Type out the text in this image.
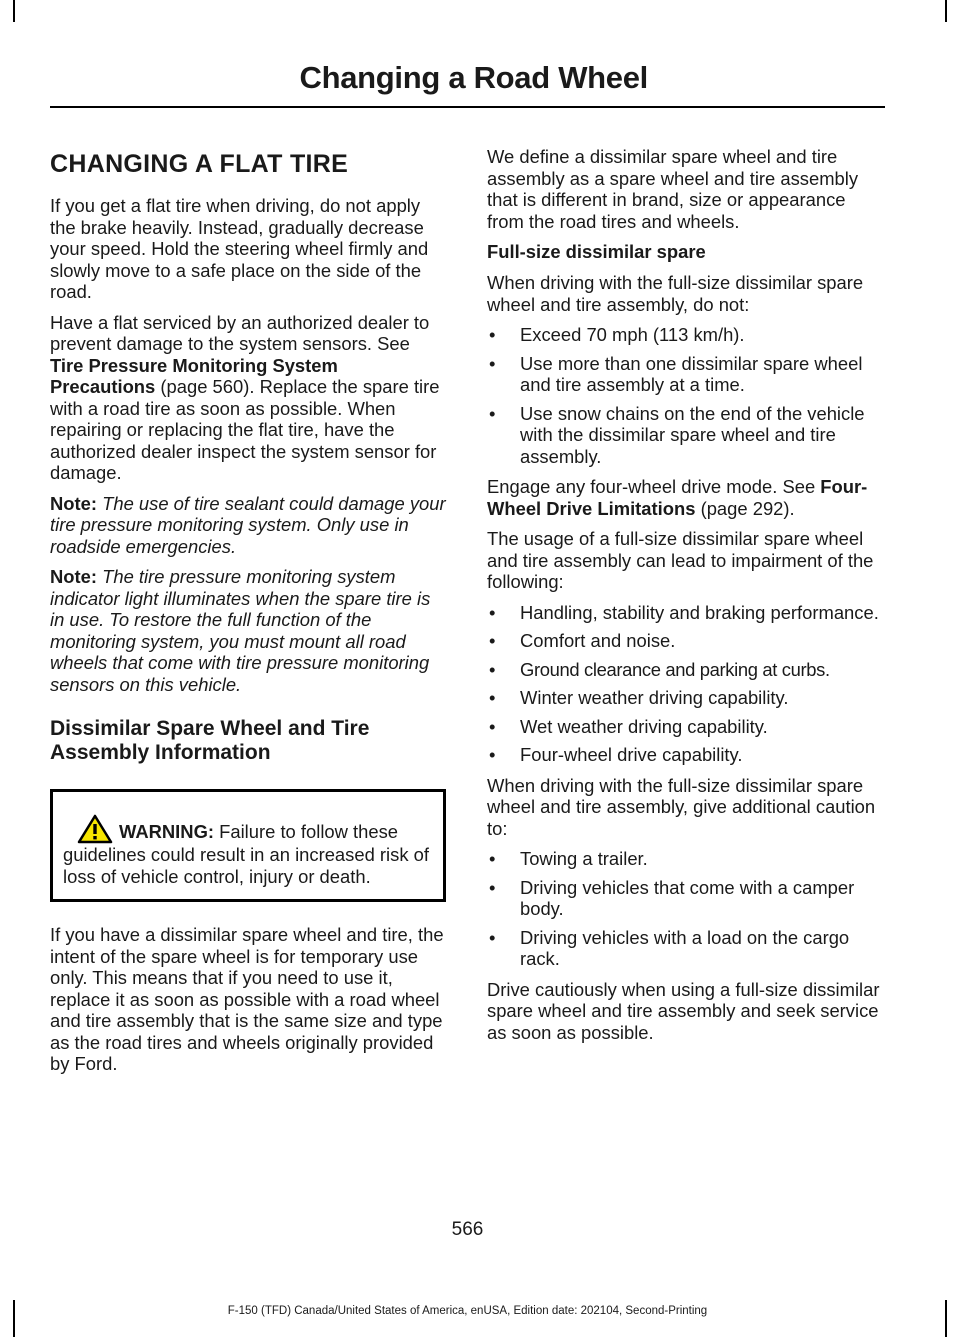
Changing a Road Wheel
CHANGING A FLAT TIRE

If you get a flat tire when driving, do not apply the brake heavily. Instead, gradually decrease your speed. Hold the steering wheel firmly and slowly move to a safe place on the side of the road.

Have a flat serviced by an authorized dealer to prevent damage to the system sensors. See Tire Pressure Monitoring System Precautions (page 560). Replace the spare tire with a road tire as soon as possible. When repairing or replacing the flat tire, have the authorized dealer inspect the system sensor for damage.

Note: The use of tire sealant could damage your tire pressure monitoring system. Only use in roadside emergencies.

Note: The tire pressure monitoring system indicator light illuminates when the spare tire is in use. To restore the full function of the monitoring system, you must mount all road wheels that come with tire pressure monitoring sensors on this vehicle.

Dissimilar Spare Wheel and Tire Assembly Information

WARNING: Failure to follow these guidelines could result in an increased risk of loss of vehicle control, injury or death.

If you have a dissimilar spare wheel and tire, the intent of the spare wheel is for temporary use only. This means that if you need to use it, replace it as soon as possible with a road wheel and tire assembly that is the same size and type as the road tires and wheels originally provided by Ford.

We define a dissimilar spare wheel and tire assembly as a spare wheel and tire assembly that is different in brand, size or appearance from the road tires and wheels.

Full-size dissimilar spare

When driving with the full-size dissimilar spare wheel and tire assembly, do not:

• Exceed 70 mph (113 km/h).
• Use more than one dissimilar spare wheel and tire assembly at a time.
• Use snow chains on the end of the vehicle with the dissimilar spare wheel and tire assembly.

Engage any four-wheel drive mode. See Four-Wheel Drive Limitations (page 292).

The usage of a full-size dissimilar spare wheel and tire assembly can lead to impairment of the following:

• Handling, stability and braking performance.
• Comfort and noise.
• Ground clearance and parking at curbs.
• Winter weather driving capability.
• Wet weather driving capability.
• Four-wheel drive capability.

When driving with the full-size dissimilar spare wheel and tire assembly, give additional caution to:

• Towing a trailer.
• Driving vehicles that come with a camper body.
• Driving vehicles with a load on the cargo rack.

Drive cautiously when using a full-size dissimilar spare wheel and tire assembly and seek service as soon as possible.

566

F-150 (TFD) Canada/United States of America, enUSA, Edition date: 202104, Second-Printing
